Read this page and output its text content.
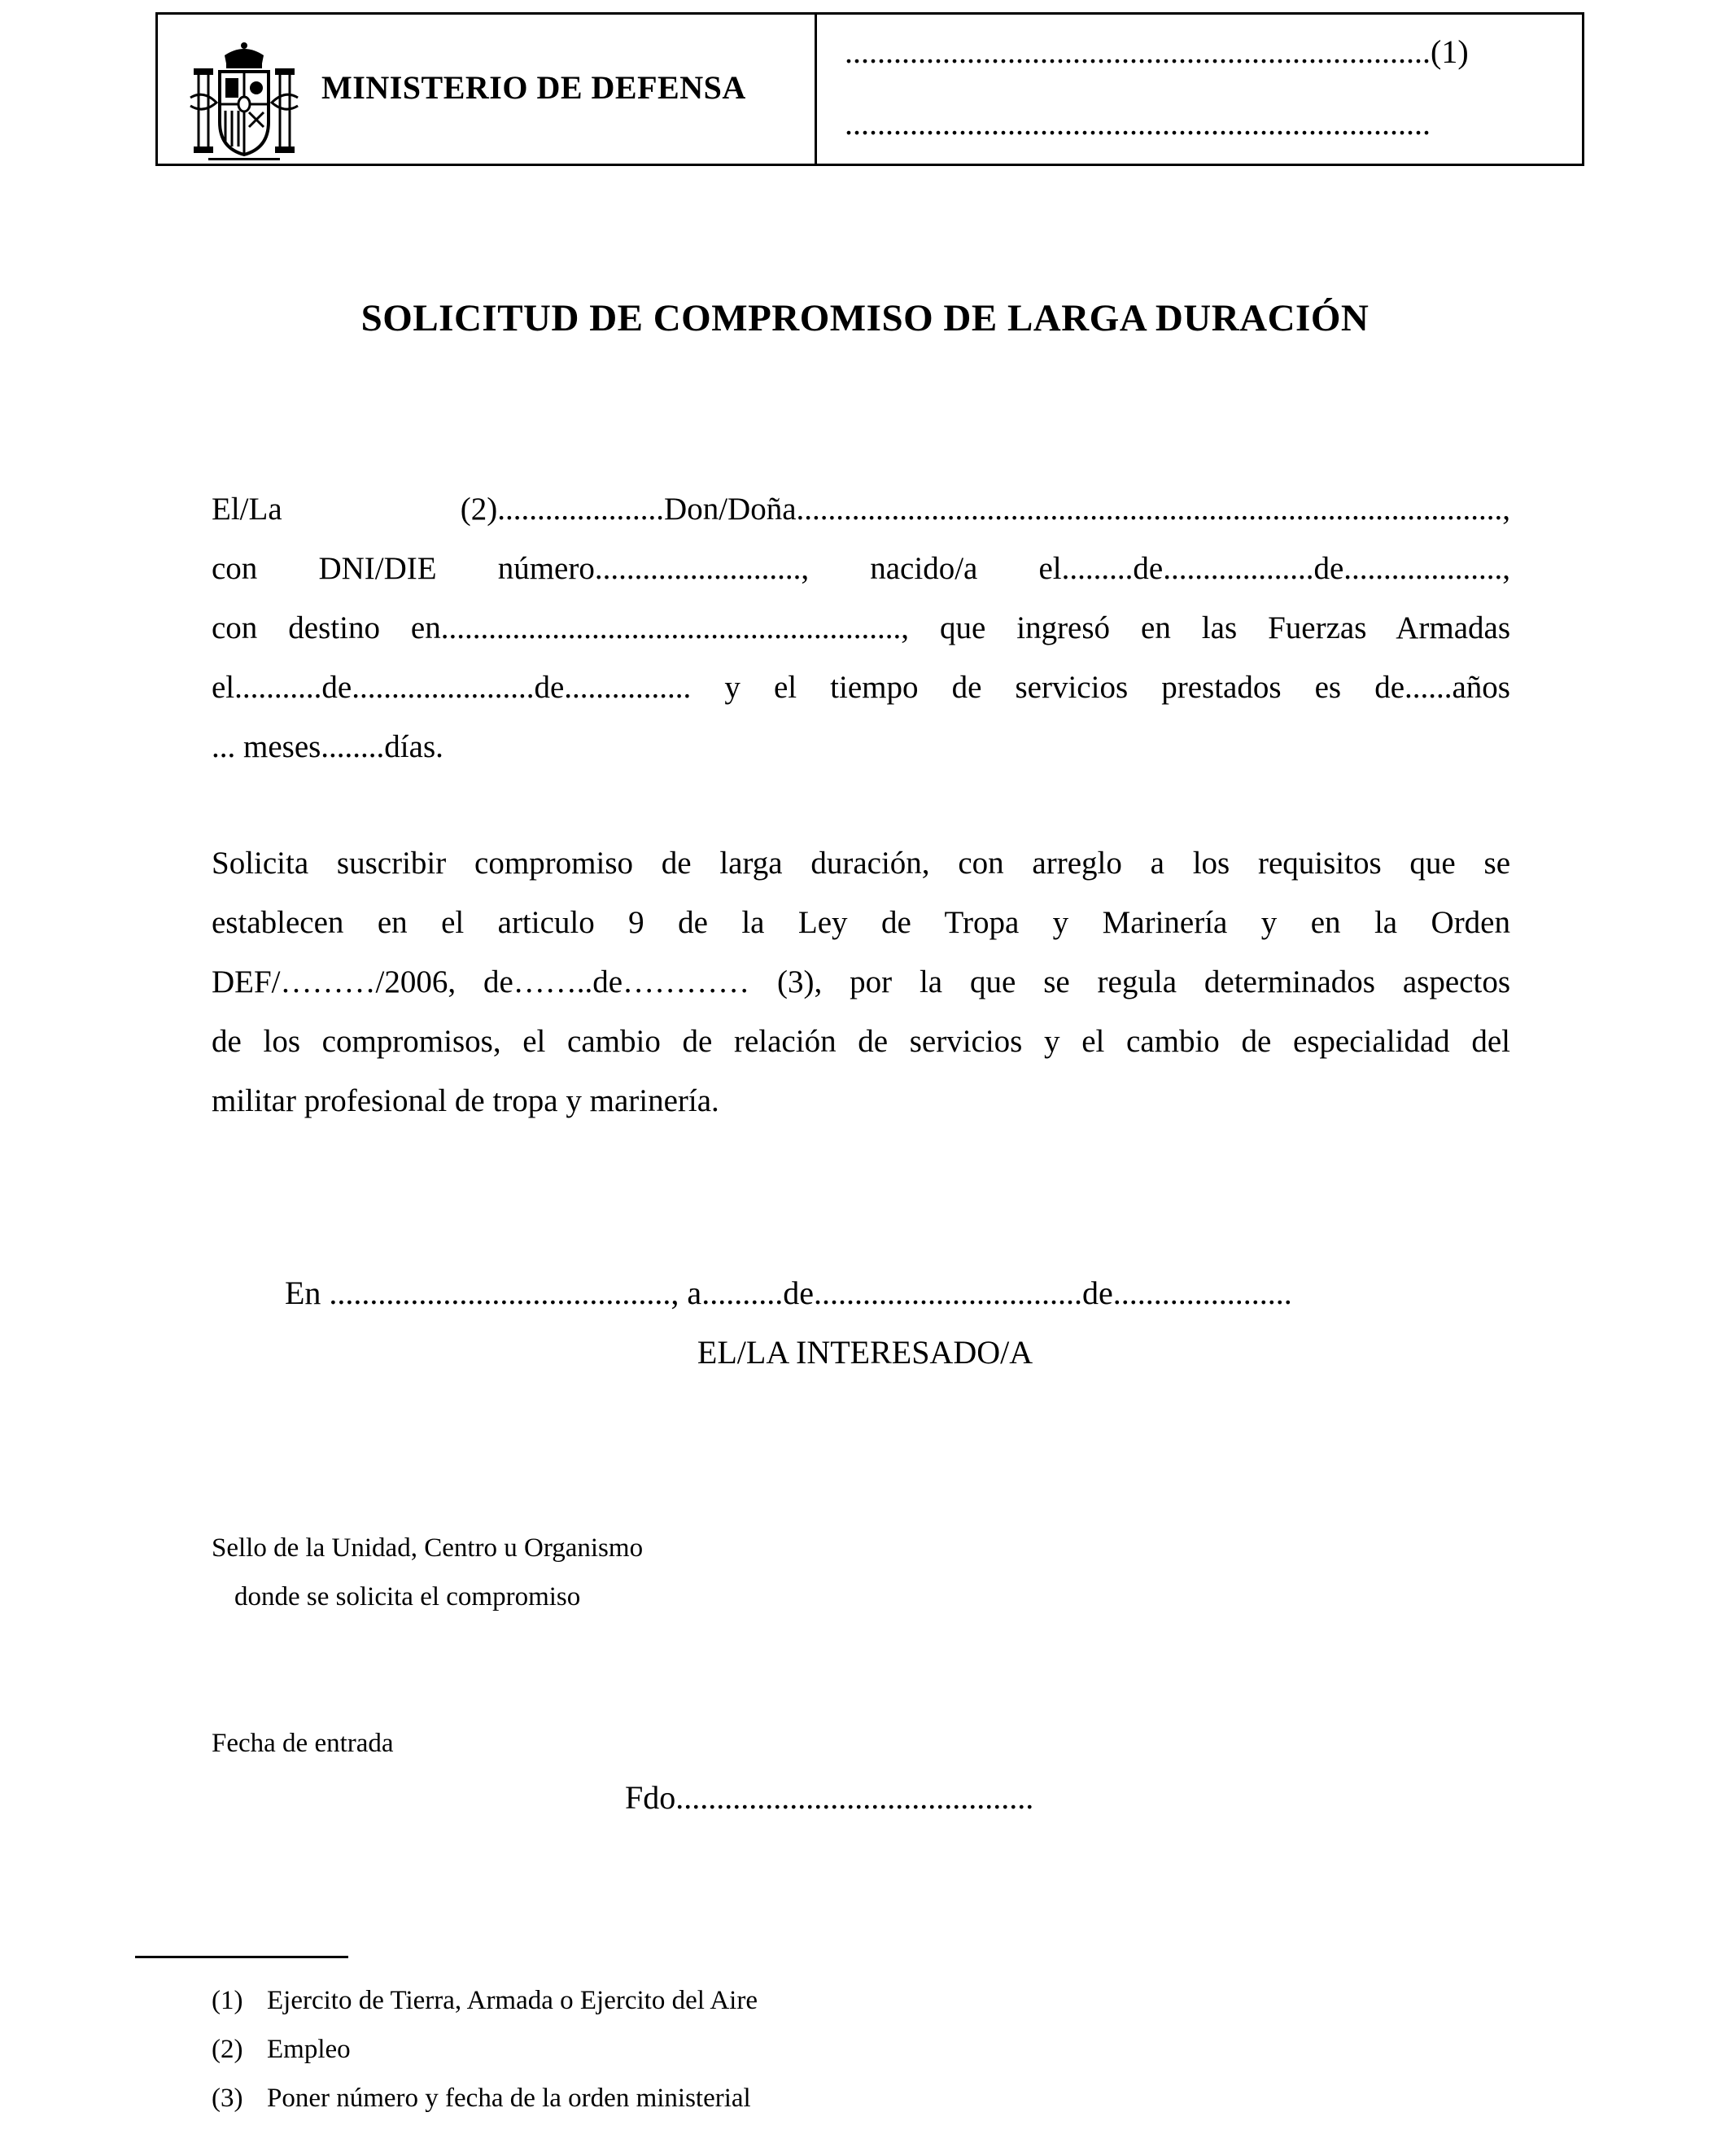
MINISTERIO DE DEFENSA
........................................................................(1)
........................................................................
SOLICITUD DE COMPROMISO DE LARGA DURACIÓN
El/La (2).....................Don/Doña.........................................................................................,
con DNI/DIE número.........................., nacido/a el.........de...................de....................,
con destino en.........................................................., que ingresó en las Fuerzas Armadas
el...........de.......................de................ y el tiempo de servicios prestados es de......años
... meses........días.
Solicita suscribir compromiso de larga duración, con arreglo a los requisitos que se
establecen en el articulo 9 de la Ley de Tropa y Marinería y en la Orden
DEF/………/2006, de……..de………… (3), por la que se regula determinados aspectos
de los compromisos, el cambio de relación de servicios y el cambio de especialidad del
militar profesional de tropa y marinería.
En .........................................., a..........de.................................de......................
EL/LA INTERESADO/A
Sello de la Unidad, Centro u Organismo
donde se solicita el compromiso
Fecha de entrada
Fdo............................................
(1) Ejercito de Tierra, Armada o Ejercito del Aire
(2) Empleo
(3) Poner número y fecha de la orden ministerial
